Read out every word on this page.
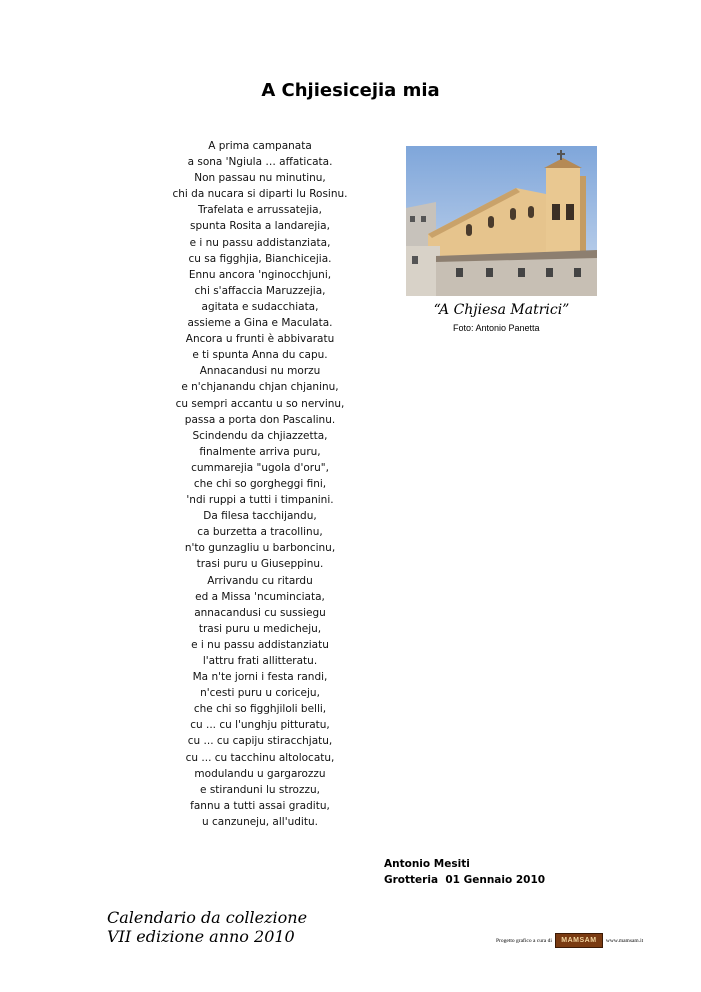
A Chjiesicejia mia
A prima campanata
a sona 'Ngiula … affaticata.
Non passau nu minutinu,
chi da nucara si diparti lu Rosinu.
Trafelata e arrussatejia,
spunta Rosita a landarejia,
e i nu passu addistanziata,
cu sa figghjia, Bianchicejia.
Ennu ancora 'nginocchjuni,
chi s'affaccia Maruzzejia,
agitata e sudacchiata,
assieme a Gina e Maculata.
Ancora u frunti è abbivaratu
e ti spunta Anna du capu.
Annacandusi nu morzu
e n'chjanandu chjan chjaninu,
cu sempri accantu u so nervinu,
passa a porta don Pascalinu.
Scindendu da chjiazzetta,
finalmente arriva puru,
cummarejia "ugola d'oru",
che chi so gorgheggi fini,
'ndi ruppi a tutti i timpanini.
Da filesa tacchijandu,
ca burzetta a tracollinu,
n'to gunzagliu u barboncinu,
trasi puru u Giuseppinu.
Arrivandu cu ritardu
ed a Missa 'ncuminciata,
annacandusi cu sussiegu
trasi puru u medicheju,
e i nu passu addistanziatu
l'attru frati allitteratu.
Ma n'te jorni i festa randi,
n'cesti puru u coriceju,
che chi so figghjiloli belli,
cu ... cu l'unghju pitturatu,
cu ... cu capiju stiracchjatu,
cu ... cu tacchinu altolocatu,
modulandu u gargarozzu
e stiranduni lu strozzu,
fannu a tutti assai graditu,
u canzuneju, all'uditu.
“A Chjiesa Matrici”
Foto: Antonio Panetta
Antonio Mesiti
Grotteria  01 Gennaio 2010
Calendario da collezione
VII edizione anno 2010	Progetto grafico a cura di MAMSAM www.mamsam.it
